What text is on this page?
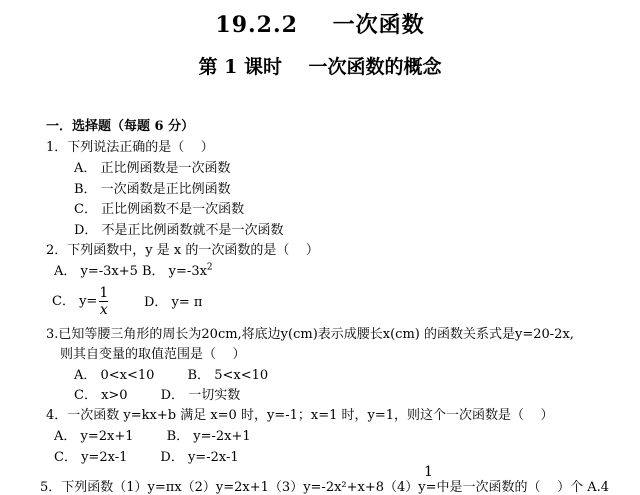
19.2.2    一次函数
第 1 课时    一次函数的概念
一．选择题（每题 6 分）
1．下列说法正确的是（    ）
A． 正比例函数是一次函数
B． 一次函数是正比例函数
C． 正比例函数不是一次函数
D． 不是正比例函数就不是一次函数
2．下列函数中，y 是 x 的一次函数的是（    ）
A． y=-3x+5 B． $y=-3x^2$
C． $y= \frac{1}{x}$	D． y= π
3.已知等腰三角形的周长为20cm,将底边y(cm)表示成腰长x(cm) 的函数关系式是y=20-2x,
则其自变量的取值范围是（    ）
A． 0<x<10        B． 5<x<10
C． x>0        D． 一切实数
4．一次函数 y=kx+b 满足 x=0 时，y=-1；x=1 时，y=1，则这个一次函数是（    ）
A． y=2x+1        B． y=-2x+1
C． y=2x-1        D． y=-2x-1
1
5．下列函数（1）y=πx（2）y=2x+1（3）y=-2x²+x+8（4）y=中是一次函数的（    ）个 A.4
